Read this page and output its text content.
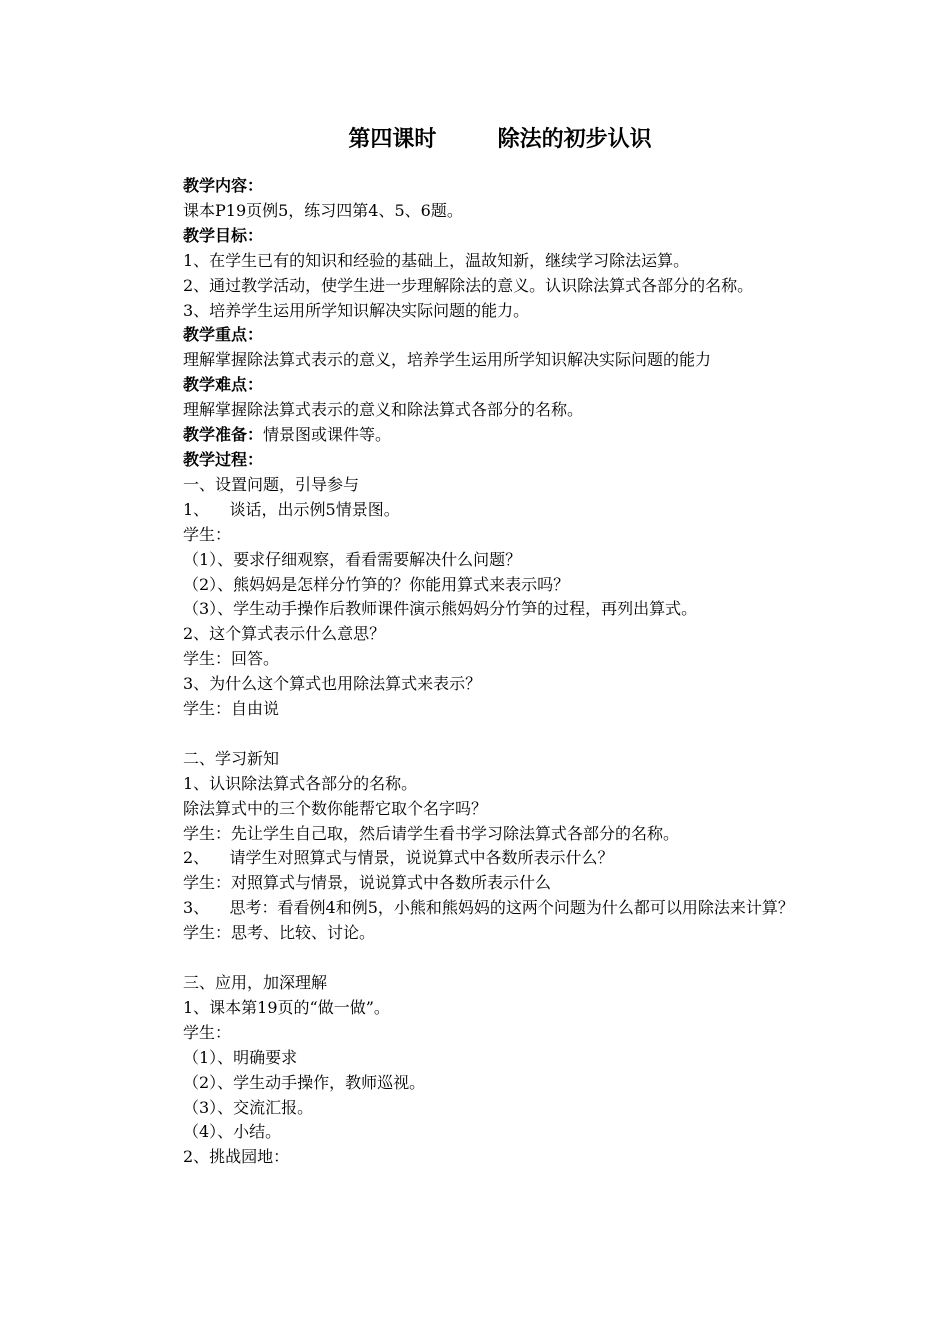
第四课时        除法的初步认识

教学内容：

课本P19页例5，练习四第4、5、6题。

教学目标：

1、在学生已有的知识和经验的基础上，温故知新，继续学习除法运算。

2、通过教学活动，使学生进一步理解除法的意义。认识除法算式各部分的名称。

3、培养学生运用所学知识解决实际问题的能力。

教学重点：

理解掌握除法算式表示的意义，培养学生运用所学知识解决实际问题的能力

教学难点：

理解掌握除法算式表示的意义和除法算式各部分的名称。

教学准备：情景图或课件等。

教学过程：

一、设置问题，引导参与

1、    谈话，出示例5情景图。

学生：

（1）、要求仔细观察，看看需要解决什么问题？

（2）、熊妈妈是怎样分竹笋的？你能用算式来表示吗？

（3）、学生动手操作后教师课件演示熊妈妈分竹笋的过程，再列出算式。

2、这个算式表示什么意思？

学生：回答。

3、为什么这个算式也用除法算式来表示？

学生：自由说

二、学习新知

1、认识除法算式各部分的名称。

除法算式中的三个数你能帮它取个名字吗？

学生：先让学生自己取，然后请学生看书学习除法算式各部分的名称。

2、    请学生对照算式与情景，说说算式中各数所表示什么？

学生：对照算式与情景，说说算式中各数所表示什么

3、    思考：看看例4和例5，小熊和熊妈妈的这两个问题为什么都可以用除法来计算？

学生：思考、比较、讨论。

三、应用，加深理解

1、课本第19页的“做一做”。

学生：

（1）、明确要求

（2）、学生动手操作，教师巡视。

（3）、交流汇报。

（4）、小结。

2、挑战园地：
